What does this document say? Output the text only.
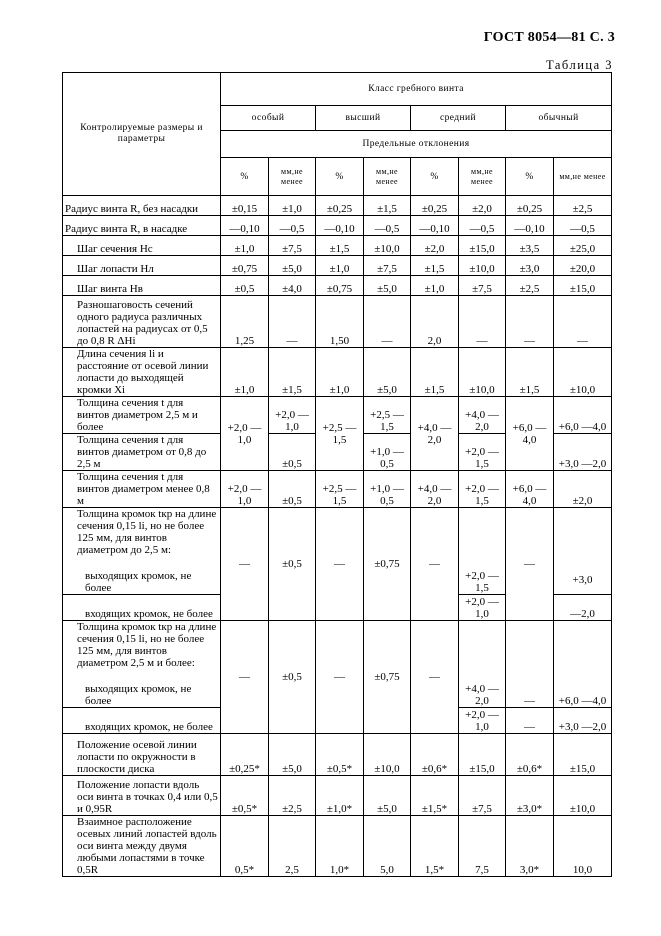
ГОСТ 8054—81 С. 3
Таблица 3
Контролируемые размеры и параметры	Класс гребного винта							
	особый		высший		средний		обычный	
	Предельные отклонения							
	%	мм,не менее	%	мм,не менее	%	мм,не менее	%	мм,не менее
Радиус винта R, без насадки	±0,15	±1,0	±0,25	±1,5	±0,25	±2,0	±0,25	±2,5
Радиус винта R, в насадке	—0,10	—0,5	—0,10	—0,5	—0,10	—0,5	—0,10	—0,5
Шаг сечения Hc	±1,0	±7,5	±1,5	±10,0	±2,0	±15,0	±3,5	±25,0
Шаг лопасти Hл	±0,75	±5,0	±1,0	±7,5	±1,5	±10,0	±3,0	±20,0
Шаг винта Hв	±0,5	±4,0	±0,75	±5,0	±1,0	±7,5	±2,5	±15,0
Разношаговость сечений одного радиуса различных лопастей на радиусах от 0,5 до 0,8 R ΔHi	1,25	—	1,50	—	2,0	—	—	—
Длина сечения li и расстояние от осевой линии лопасти до выходящей кромки Xi	±1,0	±1,5	±1,0	±5,0	±1,5	±10,0	±1,5	±10,0
Толщина сечения t для винтов диаметром 2,5 м и более	+2,0 —1,0	+2,0 —1,0	+2,5 —1,5	+2,5 —1,5	+4,0 —2,0	+4,0 —2,0	+6,0 —4,0	+6,0 —4,0
Толщина сечения t для винтов диаметром от 0,8 до 2,5 м		±0,5		+1,0 —0,5		+2,0 —1,5		+3,0 —2,0
Толщина сечения t для винтов диаметром менее 0,8 м	+2,0 —1,0	±0,5	+2,5 —1,5	+1,0 —0,5	+4,0 —2,0	+2,0 —1,5	+6,0 —4,0	±2,0

Толщина кромок tкр на длине сечения 0,15 li, но не более 125 мм, для винтов диаметром до 2,5 м:
выходящих кромок, не более	—	±0,5	—	±0,75	—	+2,0 —1,5	—	+3,0
входящих кромок, не более						+2,0 —1,0		—2,0

Толщина кромок tкр на длине сечения 0,15 li, но не более 125 мм, для винтов диаметром 2,5 м и более:
выходящих кромок, не более	—	±0,5	—	±0,75	—	+4,0 —2,0	—	+6,0 —4,0
входящих кромок, не более						+2,0 —1,0	—	+3,0 —2,0
Положение осевой линии лопасти по окружности в плоскости диска	±0,25*	±5,0	±0,5*	±10,0	±0,6*	±15,0	±0,6*	±15,0
Положение лопасти вдоль оси винта в точках 0,4 или 0,5 и 0,95R	±0,5*	±2,5	±1,0*	±5,0	±1,5*	±7,5	±3,0*	±10,0
Взаимное расположение осевых линий лопастей вдоль оси винта между двумя любыми лопастями в точке 0,5R	0,5*	2,5	1,0*	5,0	1,5*	7,5	3,0*	10,0
